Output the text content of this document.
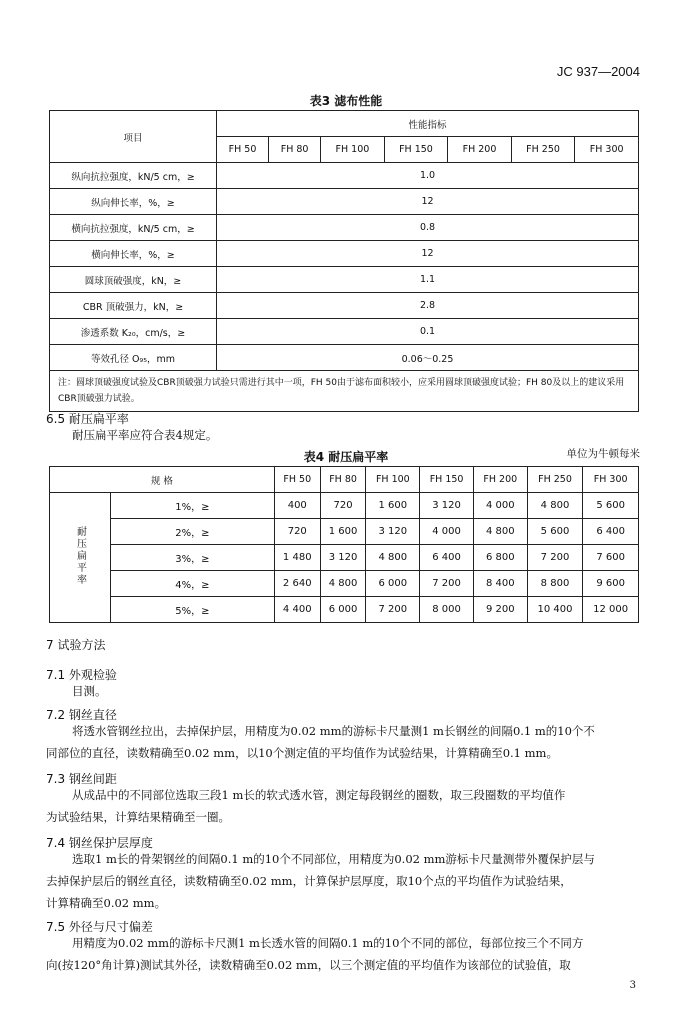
JC 937—2004
表3 滤布性能
项目	性能指标						
	FH 50	FH 80	FH 100	FH 150	FH 200	FH 250	FH 300
纵向抗拉强度，kN/5 cm，≥	1.0						
纵向伸长率，%，≥	12						
横向抗拉强度，kN/5 cm，≥	0.8						
横向伸长率，%，≥	12						
圆球顶破强度，kN，≥	1.1						
CBR 顶破强力，kN，≥	2.8						
渗透系数 K₂₀，cm/s，≥	0.1						
等效孔径 O₉₅，mm	0.06～0.25						
注：圆球顶破强度试验及CBR顶破强力试验只需进行其中一项，FH 50由于滤布面积较小，应采用圆球顶破强度试验；FH 80及以上的建议采用CBR顶破强力试验。							
6.5 耐压扁平率
耐压扁平率应符合表4规定。
表4 耐压扁平率	单位为牛顿每米
规 格		FH 50	FH 80	FH 100	FH 150	FH 200	FH 250	FH 300
耐压扁平率	1%，≥	400	720	1 600	3 120	4 000	4 800	5 600
	2%，≥	720	1 600	3 120	4 000	4 800	5 600	6 400
	3%，≥	1 480	3 120	4 800	6 400	6 800	7 200	7 600
	4%，≥	2 640	4 800	6 000	7 200	8 400	8 800	9 600
	5%，≥	4 400	6 000	7 200	8 000	9 200	10 400	12 000
7 试验方法
7.1 外观检验
目测。
7.2 钢丝直径
将透水管钢丝拉出，去掉保护层，用精度为0.02 mm的游标卡尺量测1 m长钢丝的间隔0.1 m的10个不
同部位的直径，读数精确至0.02 mm，以10个测定值的平均值作为试验结果，计算精确至0.1 mm。
7.3 钢丝间距
从成品中的不同部位选取三段1 m长的软式透水管，测定每段钢丝的圈数，取三段圈数的平均值作
为试验结果，计算结果精确至一圈。
7.4 钢丝保护层厚度
选取1 m长的骨架钢丝的间隔0.1 m的10个不同部位，用精度为0.02 mm游标卡尺量测带外覆保护层与
去掉保护层后的钢丝直径，读数精确至0.02 mm，计算保护层厚度，取10个点的平均值作为试验结果，
计算精确至0.02 mm。
7.5 外径与尺寸偏差
用精度为0.02 mm的游标卡尺测1 m长透水管的间隔0.1 m的10个不同的部位，每部位按三个不同方
向(按120°角计算)测试其外径，读数精确至0.02 mm，以三个测定值的平均值作为该部位的试验值，取
3
